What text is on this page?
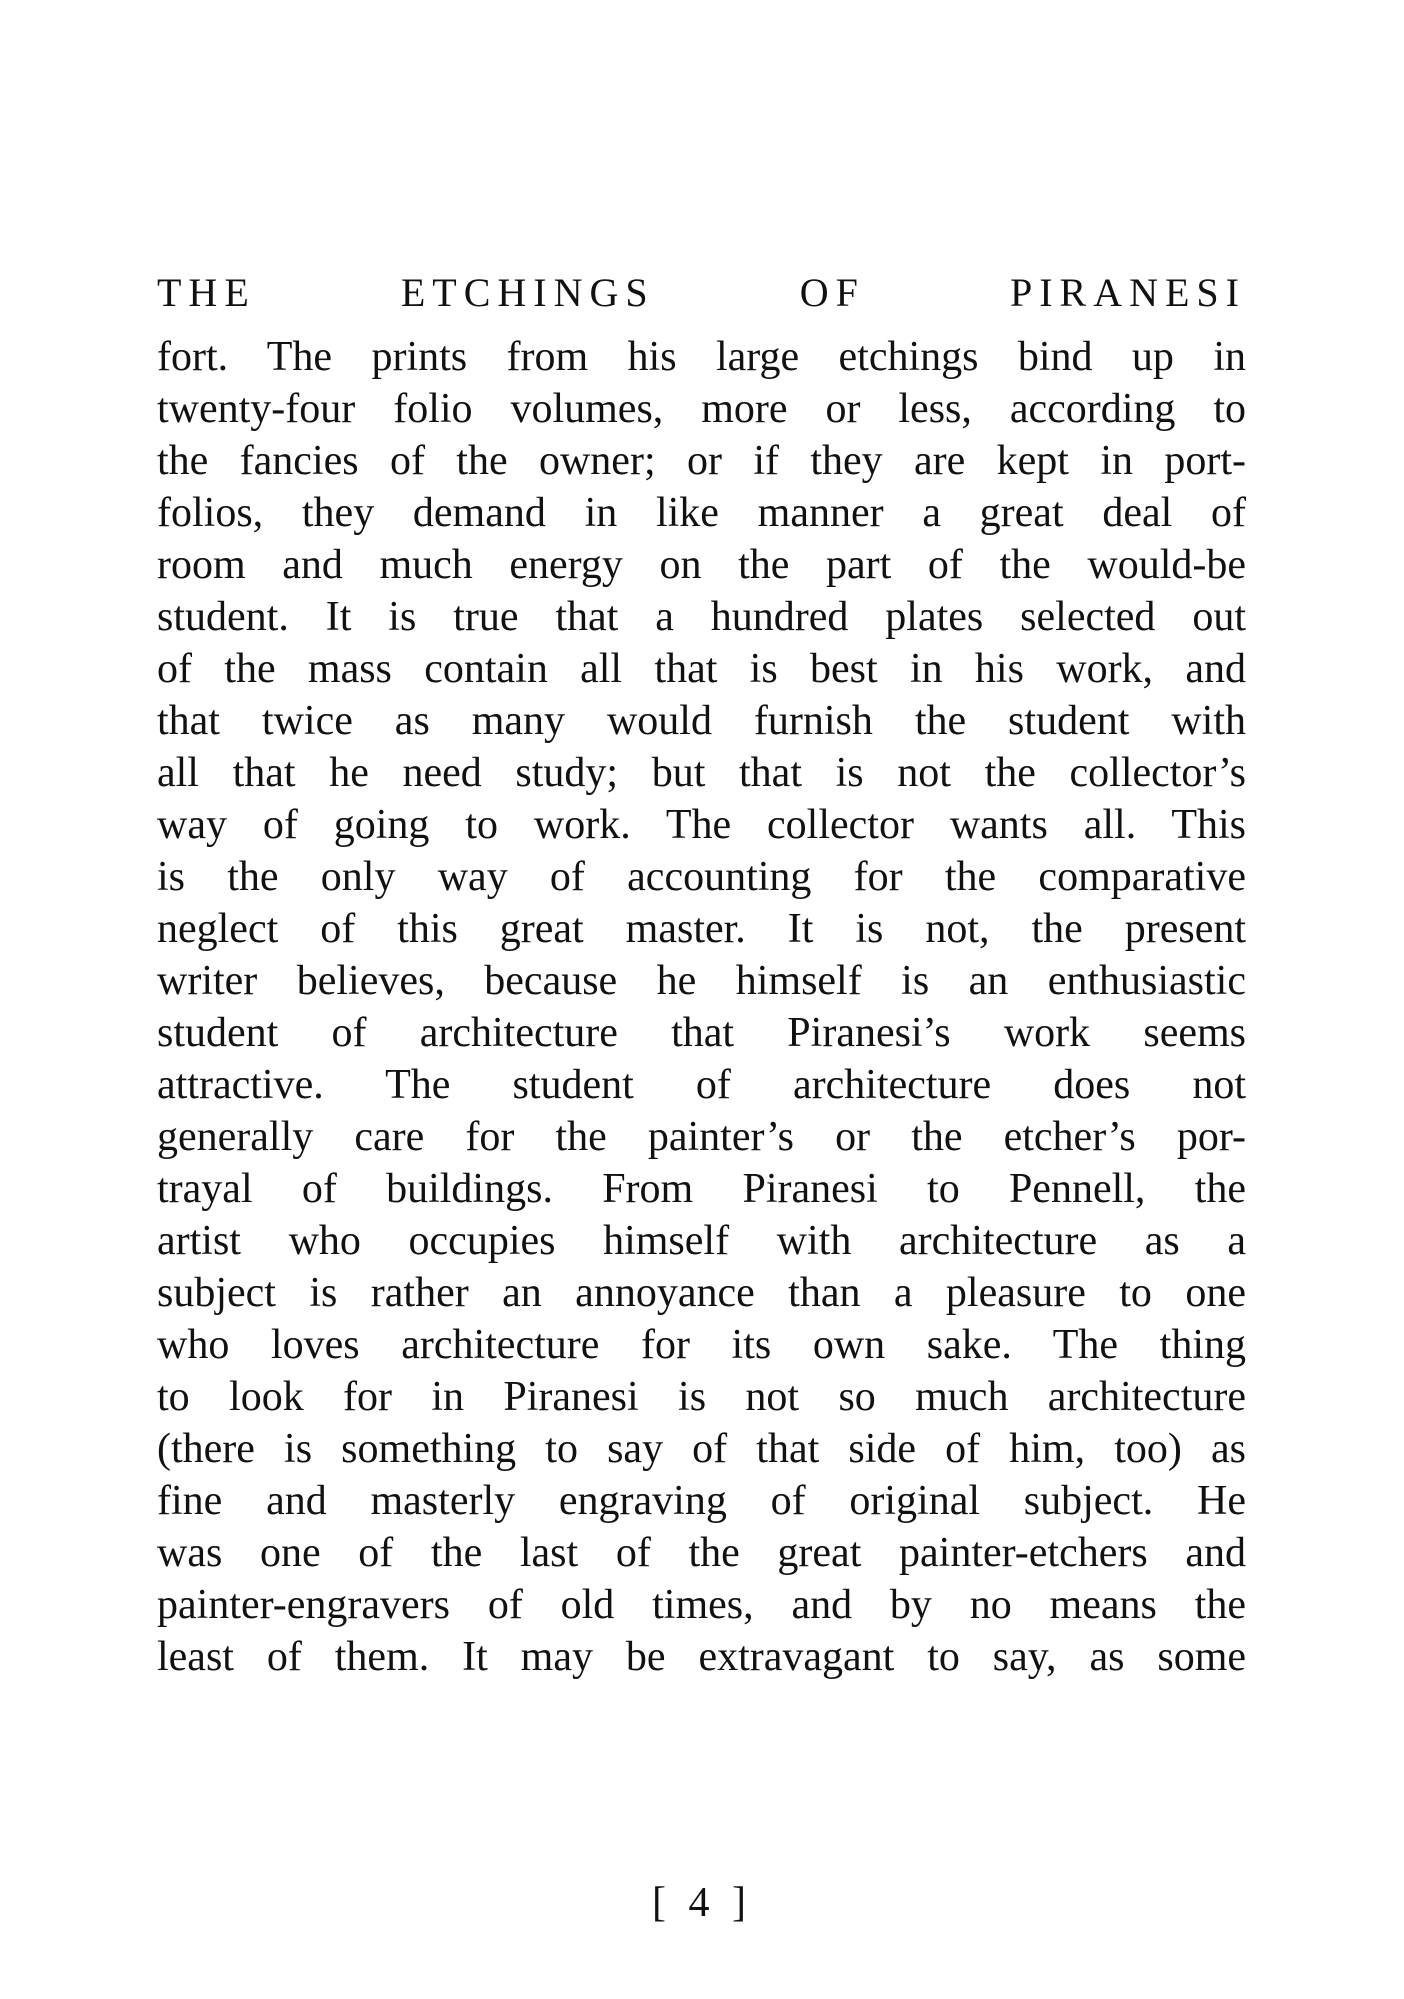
THE	ETCHINGS	OF	PIRANESI
fort. The prints from his large etchings bind up in
twenty-four folio volumes, more or less, according to
the fancies of the owner; or if they are kept in port-
folios, they demand in like manner a great deal of
room and much energy on the part of the would-be
student. It is true that a hundred plates selected out
of the mass contain all that is best in his work, and
that twice as many would furnish the student with
all that he need study; but that is not the collector’s
way of going to work. The collector wants all. This
is the only way of accounting for the comparative
neglect of this great master. It is not, the present
writer believes, because he himself is an enthusiastic
student of architecture that Piranesi’s work seems
attractive. The student of architecture does not
generally care for the painter’s or the etcher’s por-
trayal of buildings. From Piranesi to Pennell, the
artist who occupies himself with architecture as a
subject is rather an annoyance than a pleasure to one
who loves architecture for its own sake. The thing
to look for in Piranesi is not so much architecture
(there is something to say of that side of him, too) as
fine and masterly engraving of original subject. He
was one of the last of the great painter-etchers and
painter-engravers of old times, and by no means the
least of them. It may be extravagant to say, as some
[ 4 ]
